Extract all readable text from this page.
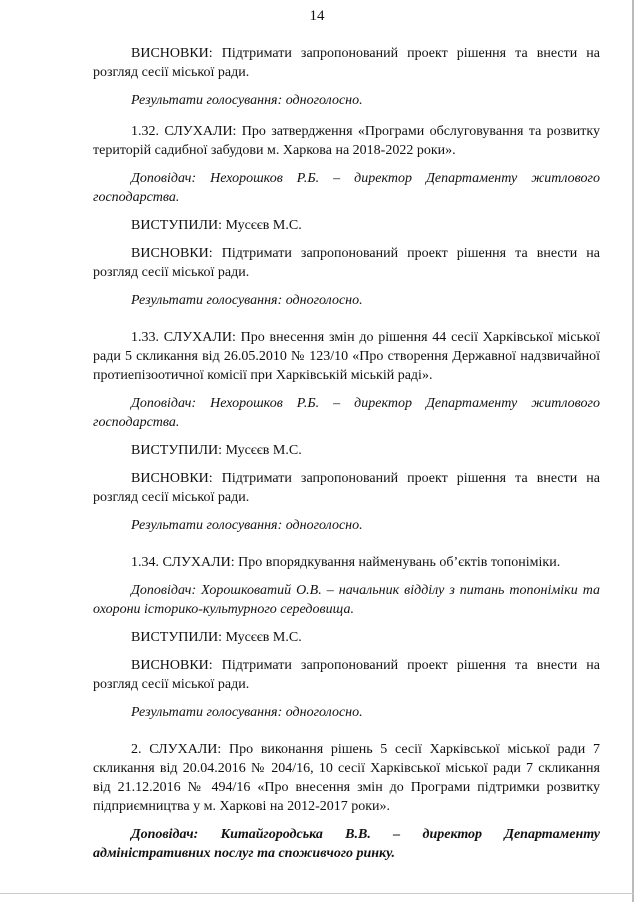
14

ВИСНОВКИ: Підтримати запропонований проект рішення та внести на розгляд сесії міської ради.

Результати голосування: одноголосно.

1.32. СЛУХАЛИ: Про затвердження «Програми обслуговування та розвитку територій садибної забудови м. Харкова на 2018-2022 роки».

Доповідач: Нехорошков Р.Б. – директор Департаменту житлового господарства.

ВИСТУПИЛИ: Мусєєв М.С.

ВИСНОВКИ: Підтримати запропонований проект рішення та внести на розгляд сесії міської ради.

Результати голосування: одноголосно.

1.33. СЛУХАЛИ: Про внесення змін до рішення 44 сесії Харківської міської ради 5 скликання від 26.05.2010 № 123/10 «Про створення Державної надзвичайної протиепізоотичної комісії при Харківській міській раді».

Доповідач: Нехорошков Р.Б. – директор Департаменту житлового господарства.

ВИСТУПИЛИ: Мусєєв М.С.

ВИСНОВКИ: Підтримати запропонований проект рішення та внести на розгляд сесії міської ради.

Результати голосування: одноголосно.

1.34. СЛУХАЛИ: Про впорядкування найменувань об’єктів топоніміки.

Доповідач: Хорошковатий О.В. – начальник відділу з питань топоніміки та охорони історико-культурного середовища.

ВИСТУПИЛИ: Мусєєв М.С.

ВИСНОВКИ: Підтримати запропонований проект рішення та внести на розгляд сесії міської ради.

Результати голосування: одноголосно.

2. СЛУХАЛИ: Про виконання рішень 5 сесії Харківської міської ради 7 скликання від 20.04.2016 № 204/16, 10 сесії Харківської міської ради 7 скликання від 21.12.2016 № 494/16 «Про внесення змін до Програми підтримки розвитку підприємництва у м. Харкові на 2012-2017 роки».

Доповідач: Китайгородська В.В. – директор Департаменту адміністративних послуг та споживчого ринку.
